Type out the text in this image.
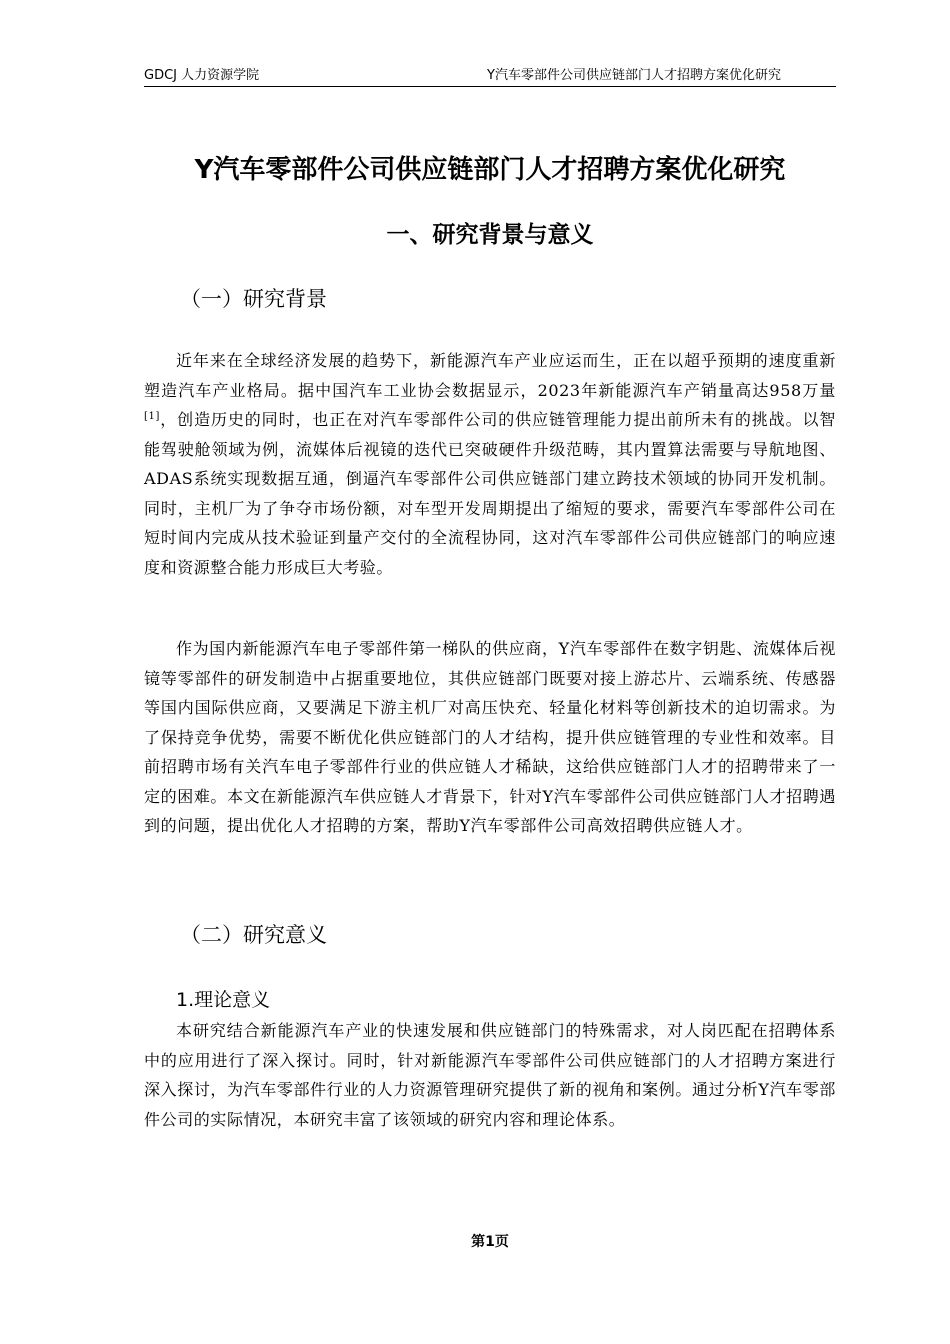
GDCJ 人力资源学院	Y汽车零部件公司供应链部门人才招聘方案优化研究
Y汽车零部件公司供应链部门人才招聘方案优化研究
一、研究背景与意义
（一）研究背景

近年来在全球经济发展的趋势下，新能源汽车产业应运而生，正在以超乎预期的速度重新塑造汽车产业格局。据中国汽车工业协会数据显示，2023年新能源汽车产销量高达958万量[1]，创造历史的同时，也正在对汽车零部件公司的供应链管理能力提出前所未有的挑战。以智能驾驶舱领域为例，流媒体后视镜的迭代已突破硬件升级范畴，其内置算法需要与导航地图、ADAS系统实现数据互通，倒逼汽车零部件公司供应链部门建立跨技术领域的协同开发机制。同时，主机厂为了争夺市场份额，对车型开发周期提出了缩短的要求，需要汽车零部件公司在短时间内完成从技术验证到量产交付的全流程协同，这对汽车零部件公司供应链部门的响应速度和资源整合能力形成巨大考验。

作为国内新能源汽车电子零部件第一梯队的供应商，Y汽车零部件在数字钥匙、流媒体后视镜等零部件的研发制造中占据重要地位，其供应链部门既要对接上游芯片、云端系统、传感器等国内国际供应商，又要满足下游主机厂对高压快充、轻量化材料等创新技术的迫切需求。为了保持竞争优势，需要不断优化供应链部门的人才结构，提升供应链管理的专业性和效率。目前招聘市场有关汽车电子零部件行业的供应链人才稀缺，这给供应链部门人才的招聘带来了一定的困难。本文在新能源汽车供应链人才背景下，针对Y汽车零部件公司供应链部门人才招聘遇到的问题，提出优化人才招聘的方案，帮助Y汽车零部件公司高效招聘供应链人才。

（二）研究意义
1.理论意义

本研究结合新能源汽车产业的快速发展和供应链部门的特殊需求，对人岗匹配在招聘体系中的应用进行了深入探讨。同时，针对新能源汽车零部件公司供应链部门的人才招聘方案进行深入探讨，为汽车零部件行业的人力资源管理研究提供了新的视角和案例。通过分析Y汽车零部件公司的实际情况，本研究丰富了该领域的研究内容和理论体系。

第1页
